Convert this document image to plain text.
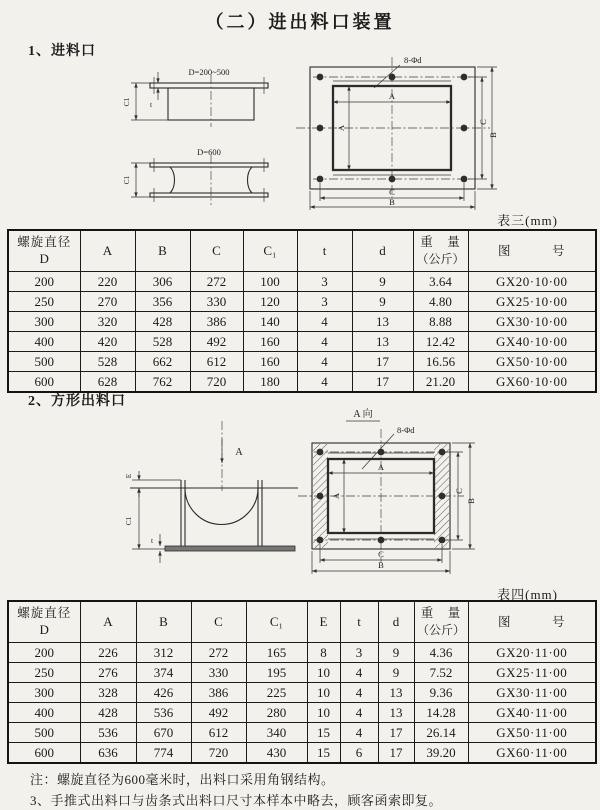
（二）进出料口装置
1、进料口
D=200~500
C1	t
D=600
C1
8-Φd
A
A
C
B
C
B
表三(mm)
螺旋直径
D	A	B	C	C₁	t	d	重　量
（公斤）	图　　　号
200	220	306	272	100	3	9	3.64	GX20·10·00
250	270	356	330	120	3	9	4.80	GX25·10·00
300	320	428	386	140	4	13	8.88	GX30·10·00
400	420	528	492	160	4	13	12.42	GX40·10·00
500	528	662	612	160	4	17	16.56	GX50·10·00
600	628	762	720	180	4	17	21.20	GX60·10·00
2、方形出料口
A
E
C1
t
A 向
8-Φd
A
A
C
B
C
B
表四(mm)
螺旋直径
D	A	B	C	C₁	E	t	d	重　量
（公斤）	图　　　号
200	226	312	272	165	8	3	9	4.36	GX20·11·00
250	276	374	330	195	10	4	9	7.52	GX25·11·00
300	328	426	386	225	10	4	13	9.36	GX30·11·00
400	428	536	492	280	10	4	13	14.28	GX40·11·00
500	536	670	612	340	15	4	17	26.14	GX50·11·00
600	636	774	720	430	15	6	17	39.20	GX60·11·00
注：螺旋直径为600毫米时，出料口采用角钢结构。
3、手推式出料口与齿条式出料口尺寸本样本中略去，顾客函索即复。
